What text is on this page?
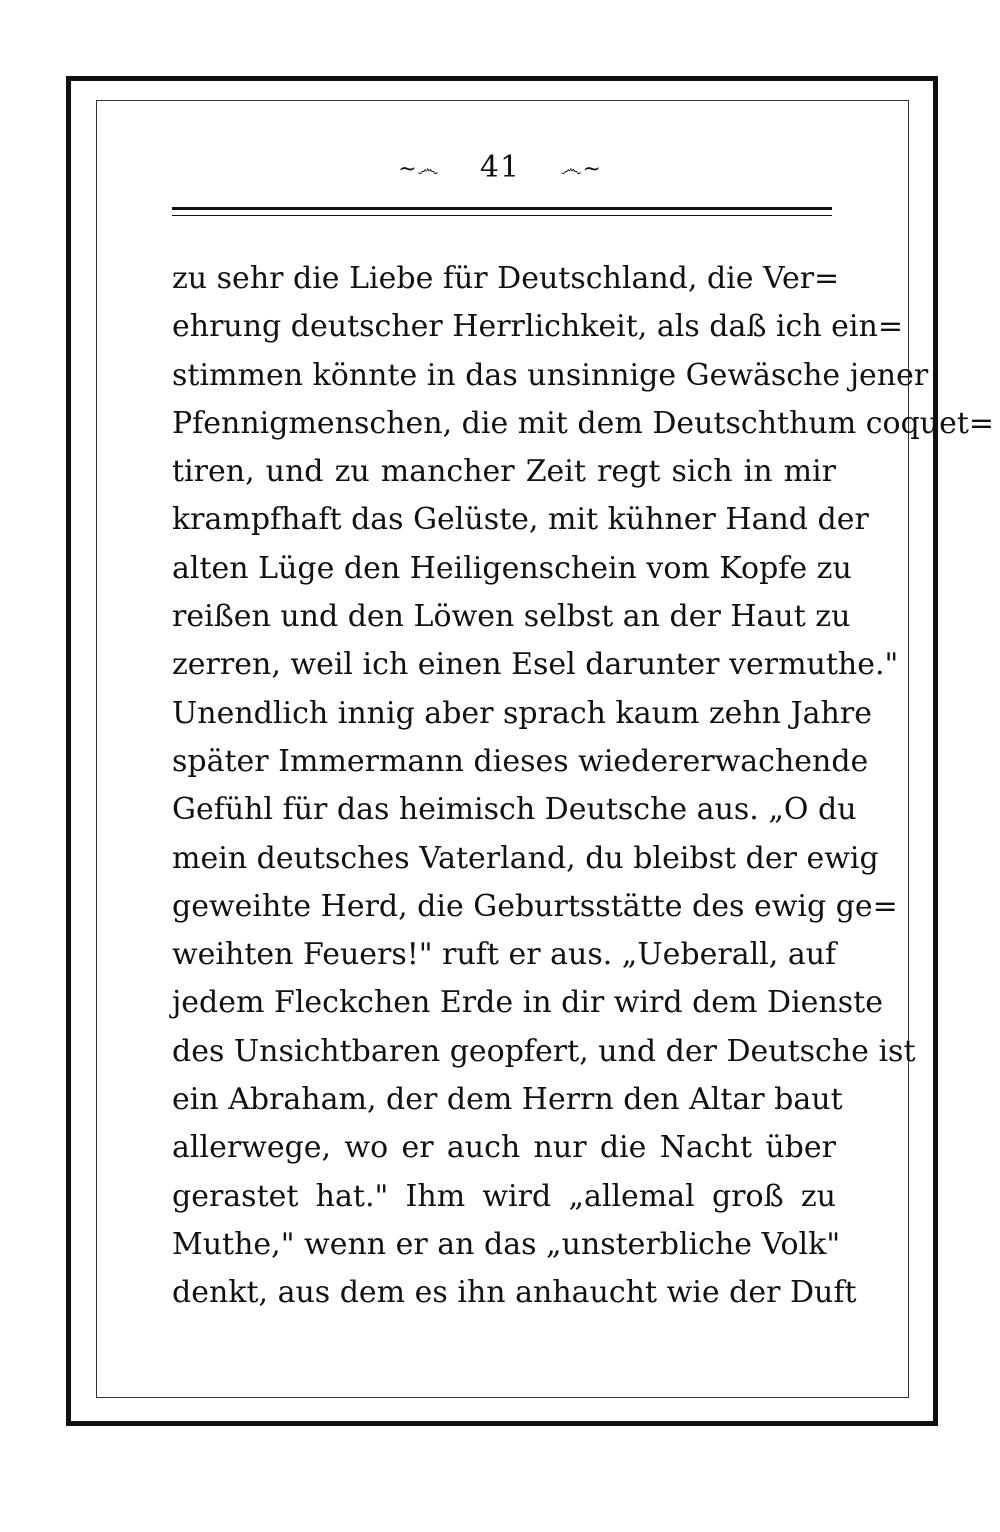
~෴ 41 ෴~
zu sehr die Liebe für Deutschland, die Ver=
ehrung deutscher Herrlichkeit, als daß ich ein=
stimmen könnte in das unsinnige Gewäsche jener
Pfennigmenschen, die mit dem Deutschthum coquet=
tiren, und zu mancher Zeit regt sich in mir
krampfhaft das Gelüste, mit kühner Hand der
alten Lüge den Heiligenschein vom Kopfe zu
reißen und den Löwen selbst an der Haut zu
zerren, weil ich einen Esel darunter vermuthe."
Unendlich innig aber sprach kaum zehn Jahre
später Immermann dieses wiedererwachende
Gefühl für das heimisch Deutsche aus. „O du
mein deutsches Vaterland, du bleibst der ewig
geweihte Herd, die Geburtsstätte des ewig ge=
weihten Feuers!" ruft er aus. „Ueberall, auf
jedem Fleckchen Erde in dir wird dem Dienste
des Unsichtbaren geopfert, und der Deutsche ist
ein Abraham, der dem Herrn den Altar baut
allerwege, wo er auch nur die Nacht über
gerastet hat." Ihm wird „allemal groß zu
Muthe," wenn er an das „unsterbliche Volk"
denkt, aus dem es ihn anhaucht wie der Duft
